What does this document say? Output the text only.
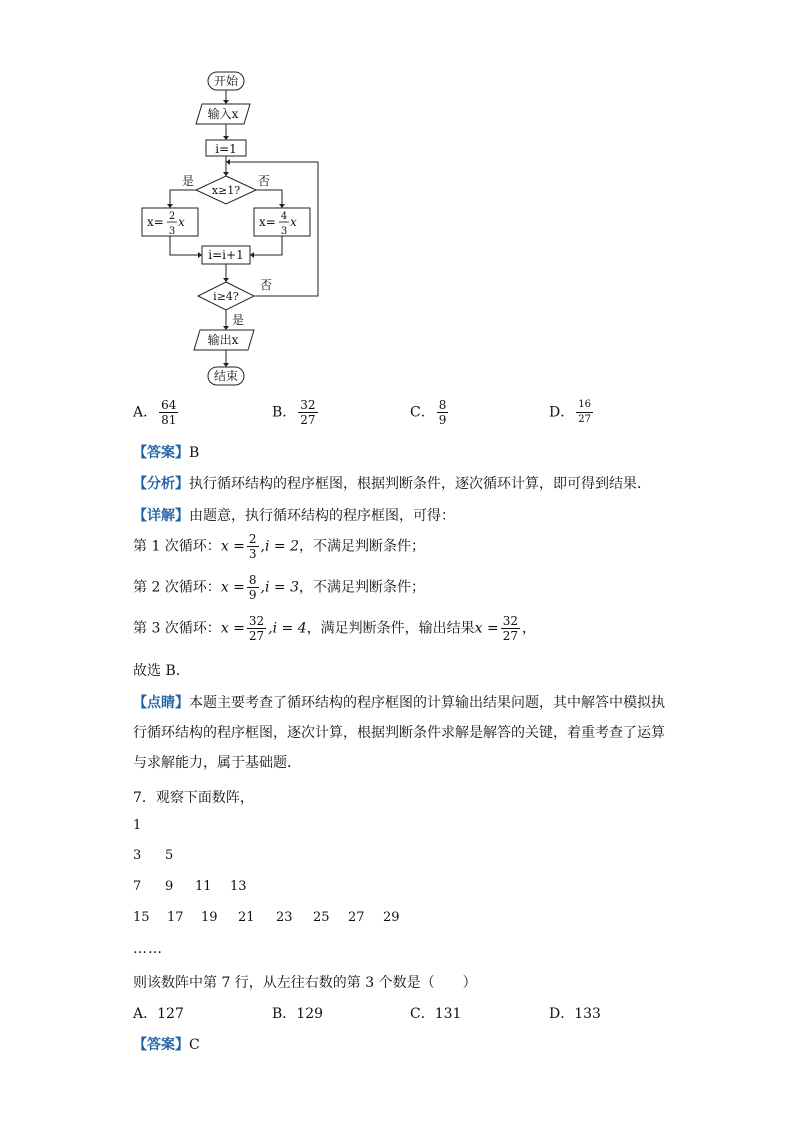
开始
输入x
i=1
x≥1?
是	否
x= 2
3
x	x= 4
3
x
i=i+1
i≥4?
否
是
输出x
结束
A． $\frac{64}{81}$	B． $\frac{32}{27}$	C． $\frac{8}{9}$	D． $\frac{16}{27}$
【答案】B
【分析】执行循环结构的程序框图，根据判断条件，逐次循环计算，即可得到结果．
【详解】由题意，执行循环结构的程序框图，可得：
第 1 次循环：$x = \frac{2}{3} ,i = 2$，不满足判断条件；
第 2 次循环：$x = \frac{8}{9} ,i = 3$，不满足判断条件；
第 3 次循环：$x = \frac{32}{27} ,i = 4$，满足判断条件，输出结果$x = \frac{32}{27}$ ，
故选 B．
【点睛】本题主要考查了循环结构的程序框图的计算输出结果问题，其中解答中模拟执
行循环结构的程序框图，逐次计算，根据判断条件求解是解答的关键，着重考查了运算
与求解能力，属于基础题．
7．观察下面数阵，
1
3 5
7 9 11 13
15 17 19 21 23 25 27 29
……
则该数阵中第 7 行，从左往右数的第 3 个数是（　　）
A．127	B．129	C．131	D．133
【答案】C
